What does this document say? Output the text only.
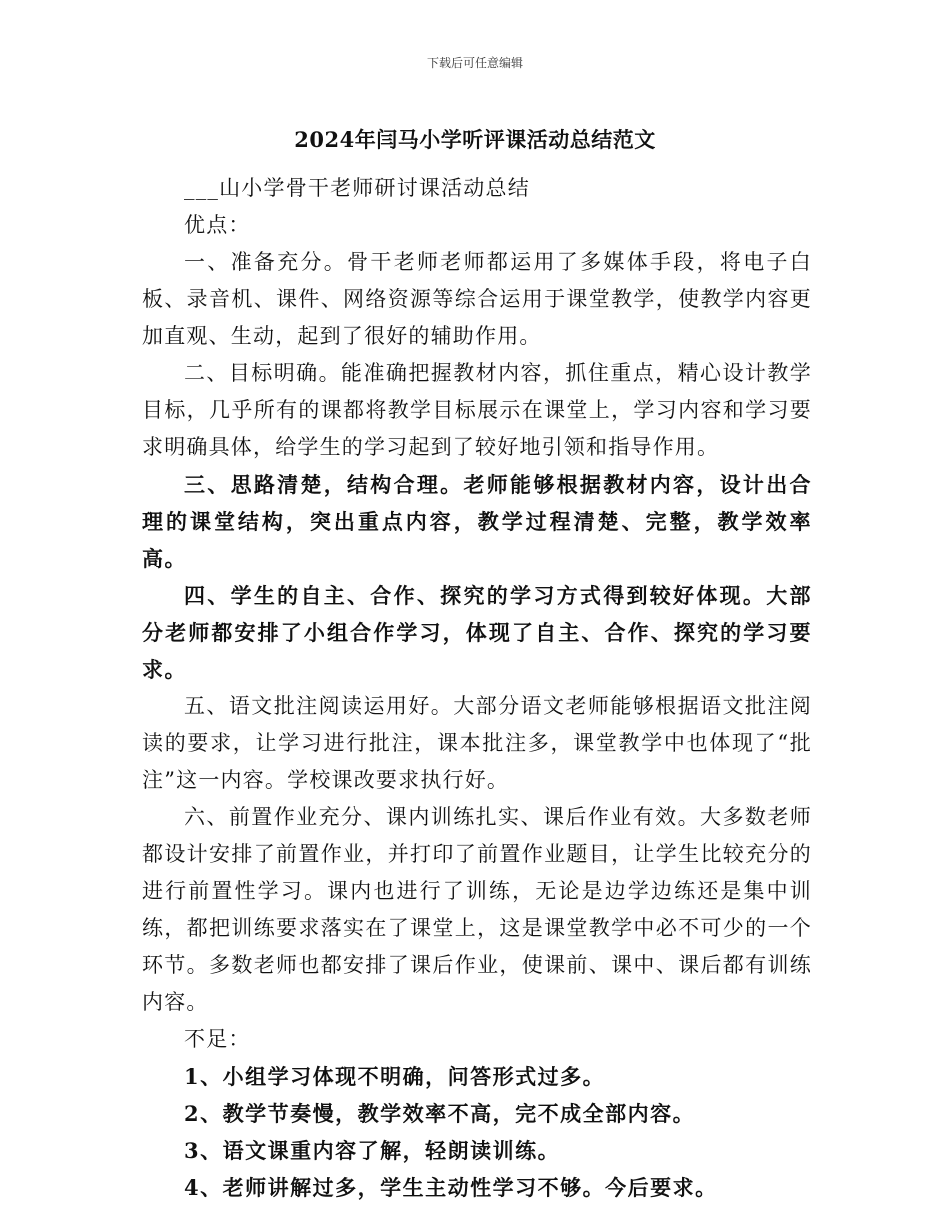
下载后可任意编辑
2024年闫马小学听评课活动总结范文

___山小学骨干老师研讨课活动总结

优点：

一、准备充分。骨干老师老师都运用了多媒体手段，将电子白板、录音机、课件、网络资源等综合运用于课堂教学，使教学内容更加直观、生动，起到了很好的辅助作用。

二、目标明确。能准确把握教材内容，抓住重点，精心设计教学目标，几乎所有的课都将教学目标展示在课堂上，学习内容和学习要求明确具体，给学生的学习起到了较好地引领和指导作用。

三、思路清楚，结构合理。老师能够根据教材内容，设计出合理的课堂结构，突出重点内容，教学过程清楚、完整，教学效率高。

四、学生的自主、合作、探究的学习方式得到较好体现。大部分老师都安排了小组合作学习，体现了自主、合作、探究的学习要求。

五、语文批注阅读运用好。大部分语文老师能够根据语文批注阅读的要求，让学习进行批注，课本批注多，课堂教学中也体现了“批注”这一内容。学校课改要求执行好。

六、前置作业充分、课内训练扎实、课后作业有效。大多数老师都设计安排了前置作业，并打印了前置作业题目，让学生比较充分的进行前置性学习。课内也进行了训练，无论是边学边练还是集中训练，都把训练要求落实在了课堂上，这是课堂教学中必不可少的一个环节。多数老师也都安排了课后作业，使课前、课中、课后都有训练内容。

不足：

1、小组学习体现不明确，问答形式过多。

2、教学节奏慢，教学效率不高，完不成全部内容。

3、语文课重内容了解，轻朗读训练。

4、老师讲解过多，学生主动性学习不够。今后要求。
